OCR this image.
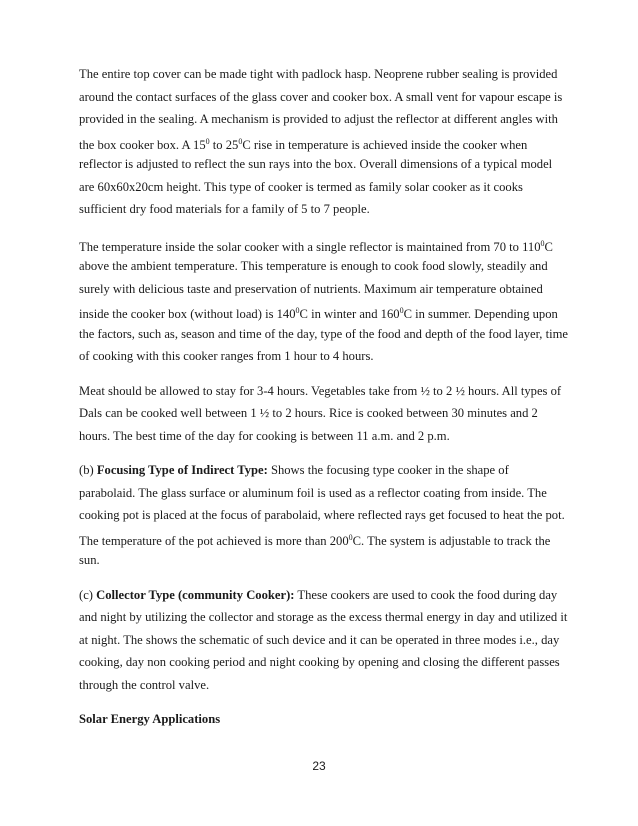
The entire top cover can be made tight with padlock hasp. Neoprene rubber sealing is provided
around the contact surfaces of the glass cover and cooker box. A small vent for vapour escape is
provided in the sealing. A mechanism is provided to adjust the reflector at different angles with
the box cooker box. A $15^0$ to $25^0C$ rise in temperature is achieved inside the cooker when
reflector is adjusted to reflect the sun rays into the box. Overall dimensions of a typical model
are 60x60x20cm height. This type of cooker is termed as family solar cooker as it cooks
sufficient dry food materials for a family of 5 to 7 people.
The temperature inside the solar cooker with a single reflector is maintained from 70 to $110^0C$
above the ambient temperature. This temperature is enough to cook food slowly, steadily and
surely with delicious taste and preservation of nutrients. Maximum air temperature obtained
inside the cooker box (without load) is $140^0C$ in winter and $160^0C$ in summer. Depending upon
the factors, such as, season and time of the day, type of the food and depth of the food layer, time
of cooking with this cooker ranges from 1 hour to 4 hours.
Meat should be allowed to stay for 3-4 hours. Vegetables take from ½ to 2 ½ hours. All types of
Dals can be cooked well between 1 ½ to 2 hours. Rice is cooked between 30 minutes and 2
hours. The best time of the day for cooking is between 11 a.m. and 2 p.m.
(b) Focusing Type of Indirect Type: Shows the focusing type cooker in the shape of
parabolaid. The glass surface or aluminum foil is used as a reflector coating from inside. The
cooking pot is placed at the focus of parabolaid, where reflected rays get focused to heat the pot.
The temperature of the pot achieved is more than $200^0C$. The system is adjustable to track the
sun.
(c) Collector Type (community Cooker): These cookers are used to cook the food during day
and night by utilizing the collector and storage as the excess thermal energy in day and utilized it
at night. The shows the schematic of such device and it can be operated in three modes i.e., day
cooking, day non cooking period and night cooking by opening and closing the different passes
through the control valve.
Solar Energy Applications
23
